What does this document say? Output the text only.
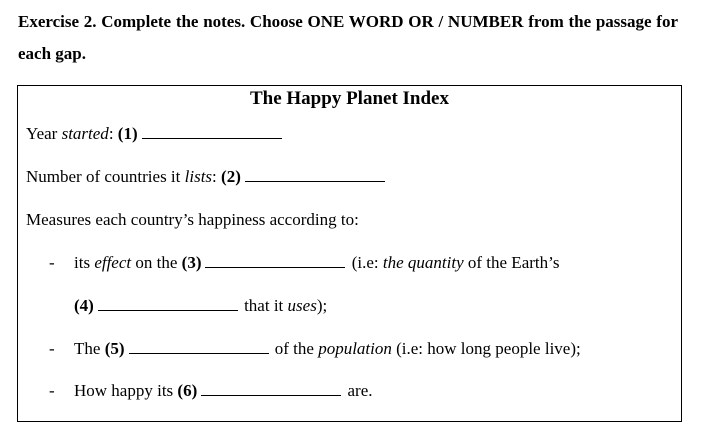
Exercise 2. Complete the notes. Choose ONE WORD OR / NUMBER from the passage for each gap.
The Happy Planet Index
Year started: (1)
Number of countries it lists: (2)
Measures each country’s happiness according to:
- its effect on the (3)	(i.e: the quantity of the Earth’s
(4)	that it uses);
- The (5)	of the population (i.e: how long people live);
- How happy its (6)	are.
